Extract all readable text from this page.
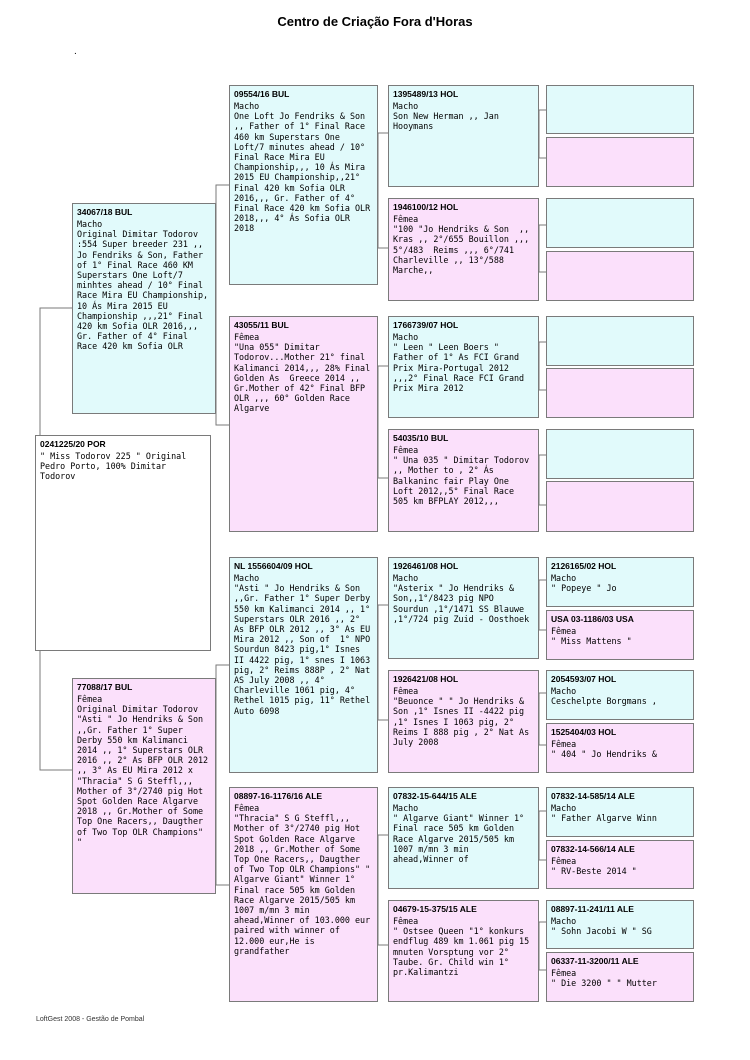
Centro de Criação Fora d'Horas
.
0241225/20 POR
" Miss Todorov 225 " Original Pedro Porto, 100% Dimitar Todorov
34067/18 BUL
Macho
Original Dimitar Todorov :554 Super breeder 231 ,, Jo Fendriks & Son, Father of 1° Final Race 460 KM Superstars One Loft/7 minhtes ahead / 10° Final Race Mira EU Championship, 10 Ás Mira 2015 EU Championship ,,,21° Final 420 km Sofia OLR 2016,,, Gr. Father of 4° Final Race 420 km Sofia OLR
77088/17 BUL
Fêmea
Original Dimitar Todorov "Asti " Jo Hendriks & Son ,,Gr. Father 1° Super Derby 550 km Kalimanci 2014 ,, 1° Superstars OLR 2016 ,, 2° As BFP OLR 2012 ,, 3° As EU Mira 2012 x "Thracia" S G Steffl,,, Mother of 3°/2740 pig Hot Spot Golden Race Algarve 2018 ,, Gr.Mother of Some Top One Racers,, Daugther of Two Top OLR Champions" "
09554/16 BUL
Macho
One Loft Jo Fendriks & Son ,, Father of 1° Final Race 460 km Superstars One Loft/7 minutes ahead / 10° Final Race Mira EU Championship,,, 10 Ás Mira 2015 EU Championship,,21° Final 420 km Sofia OLR 2016,,, Gr. Father of 4° Final Race 420 km Sofia OLR 2018,,, 4° Ás Sofia OLR 2018
43055/11 BUL
Fêmea
"Una 055" Dimitar Todorov...Mother 21° final Kalimanci 2014,,, 28% Final Golden As  Greece 2014 ,, Gr.Mother of 42° Final BFP OLR ,,, 60° Golden Race Algarve
NL 1556604/09 HOL
Macho
"Asti " Jo Hendriks & Son ,,Gr. Father 1° Super Derby 550 km Kalimanci 2014 ,, 1° Superstars OLR 2016 ,, 2° As BFP OLR 2012 ,, 3° As EU Mira 2012 ,, Son of  1° NPO Sourdun 8423 pig,1° Isnes II 4422 pig, 1° snes I 1063 pig, 2° Reims 888P , 2° Nat AS July 2008 ,, 4° Charleville 1061 pig, 4° Rethel 1015 pig, 11° Rethel Auto 6098
08897-16-1176/16 ALE
Fêmea
"Thracia" S G Steffl,,, Mother of 3°/2740 pig Hot Spot Golden Race Algarve 2018 ,, Gr.Mother of Some Top One Racers,, Daugther of Two Top OLR Champions" " Algarve Giant" Winner 1° Final race 505 km Golden Race Algarve 2015/505 km 1007 m/mn 3 min ahead,Winner of 103.000 eur paired with winner of 12.000 eur,He is grandfather
1395489/13 HOL
Macho
Son New Herman ,, Jan Hooymans
1946100/12 HOL
Fêmea
"100 "Jo Hendriks & Son  ,, Kras ,, 2°/655 Bouillon ,,, 5°/483  Reims ,,, 6°/741 Charleville ,, 13°/588 Marche,,
1766739/07 HOL
Macho
" Leen " Leen Boers " Father of 1° As FCI Grand Prix Mira-Portugal 2012 ,,,2° Final Race FCI Grand Prix Mira 2012
54035/10 BUL
Fêmea
" Una 035 " Dimitar Todorov ,, Mother to , 2° Ás Balkaninc fair Play One Loft 2012,,5° Final Race 505 km BFPLAY 2012,,,
1926461/08 HOL
Macho
"Asterix " Jo Hendriks & Son,,1°/8423 pig NPO Sourdun ,1°/1471 SS Blauwe ,1°/724 pig Zuid - Oosthoek
1926421/08 HOL
Fêmea
"Beuonce " " Jo Hendriks & Son ,1° Isnes II -4422 pig ,1° Isnes I 1063 pig, 2° Reims I 888 pig , 2° Nat As July 2008
07832-15-644/15 ALE
Macho
" Algarve Giant" Winner 1° Final race 505 km Golden Race Algarve 2015/505 km 1007 m/mn 3 min ahead,Winner of
04679-15-375/15 ALE
Fêmea
" Ostsee Queen "1° konkurs endflug 489 km 1.061 pig 15 mnuten Vorsptung vor 2° Taube. Gr. Child win 1° pr.Kalimantzi
2126165/02 HOL
Macho
" Popeye " Jo
USA 03-1186/03 USA
Fêmea
" Miss Mattens "
2054593/07 HOL
Macho
Ceschelpte Borgmans ,
1525404/03 HOL
Fêmea
" 404 " Jo Hendriks &
07832-14-585/14 ALE
Macho
" Father Algarve Winn
07832-14-566/14 ALE
Fêmea
" RV-Beste 2014 "
08897-11-241/11 ALE
Macho
" Sohn Jacobi W " SG
06337-11-3200/11 ALE
Fêmea
" Die 3200 " " Mutter
LoftGest 2008 - Gestão de Pombal
